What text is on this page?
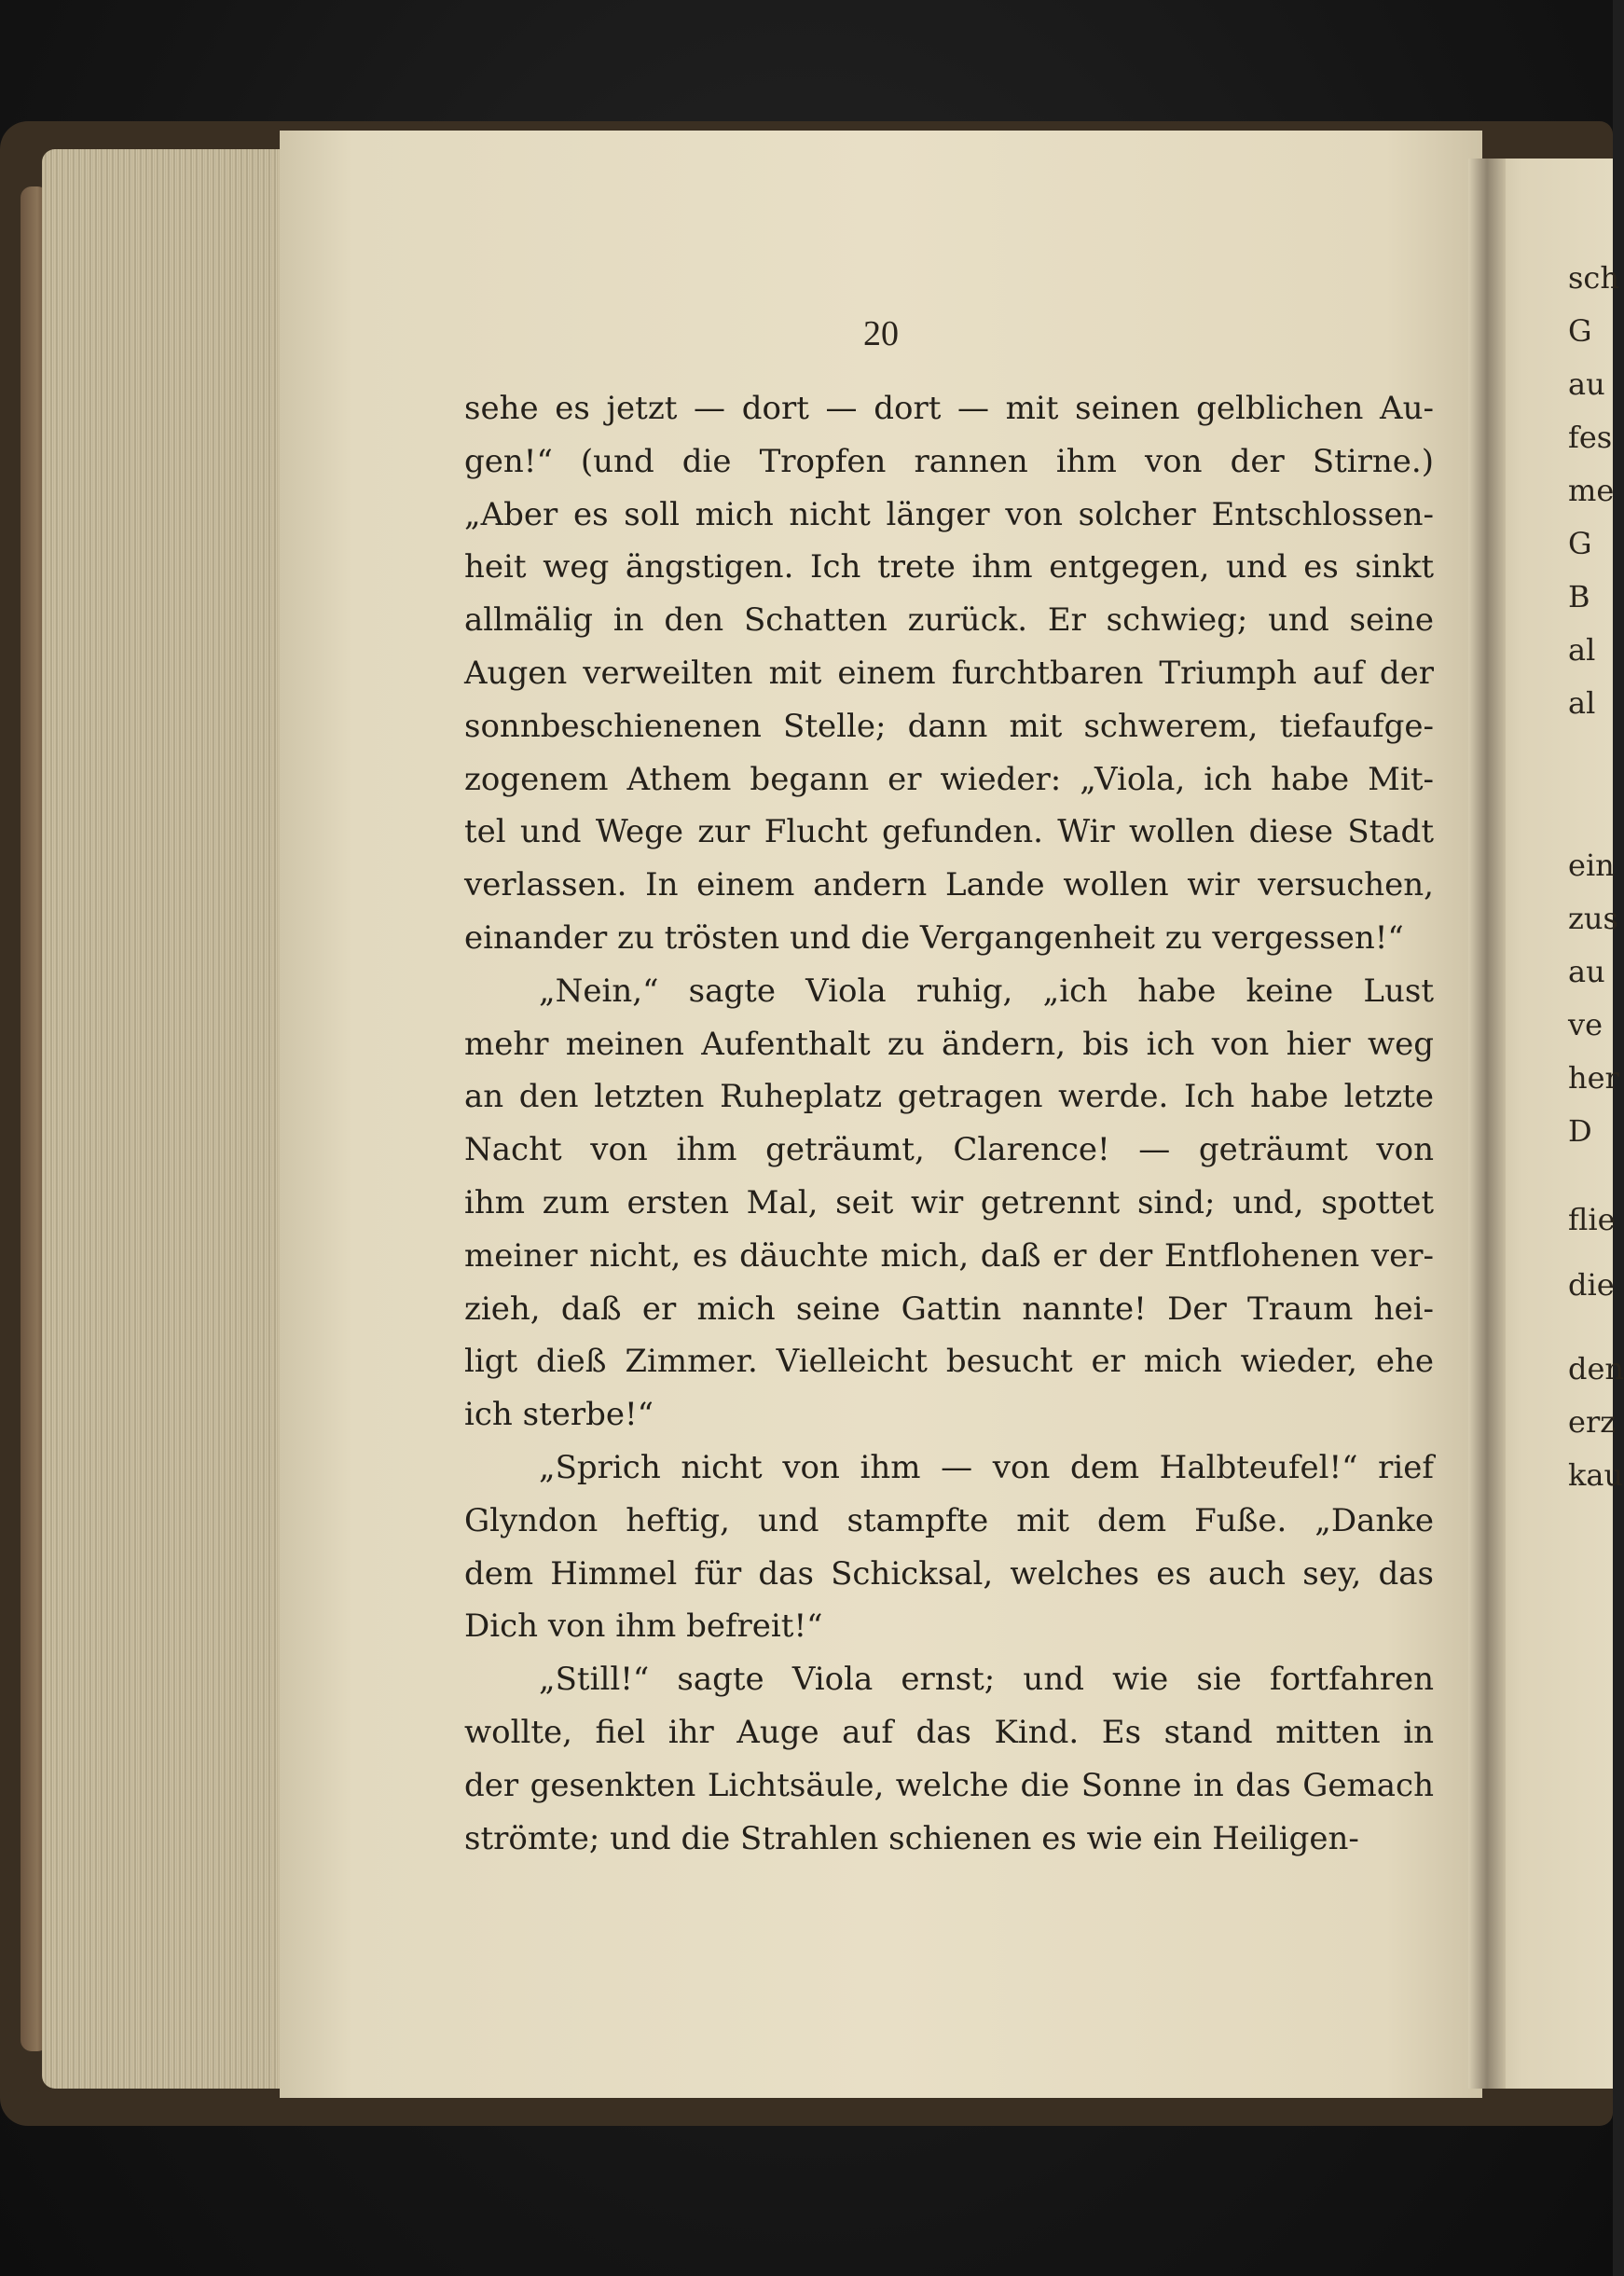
20
sehe es jetzt — dort — dort — mit seinen gelblichen Au-
gen!“ (und die Tropfen rannen ihm von der Stirne.)
„Aber es soll mich nicht länger von solcher Entschlossen-
heit weg ängstigen. Ich trete ihm entgegen, und es sinkt
allmälig in den Schatten zurück. Er schwieg; und seine
Augen verweilten mit einem furchtbaren Triumph auf der
sonnbeschienenen Stelle; dann mit schwerem, tiefaufge-
zogenem Athem begann er wieder: „Viola, ich habe Mit-
tel und Wege zur Flucht gefunden. Wir wollen diese Stadt
verlassen. In einem andern Lande wollen wir versuchen,
einander zu trösten und die Vergangenheit zu vergessen!“
„Nein,“ sagte Viola ruhig, „ich habe keine Lust
mehr meinen Aufenthalt zu ändern, bis ich von hier weg
an den letzten Ruheplatz getragen werde. Ich habe letzte
Nacht von ihm geträumt, Clarence! — geträumt von
ihm zum ersten Mal, seit wir getrennt sind; und, spottet
meiner nicht, es däuchte mich, daß er der Entflohenen ver-
zieh, daß er mich seine Gattin nannte! Der Traum hei-
ligt dieß Zimmer. Vielleicht besucht er mich wieder, ehe
ich sterbe!“
„Sprich nicht von ihm — von dem Halbteufel!“ rief
Glyndon heftig, und stampfte mit dem Fuße. „Danke
dem Himmel für das Schicksal, welches es auch sey, das
Dich von ihm befreit!“
„Still!“ sagte Viola ernst; und wie sie fortfahren
wollte, fiel ihr Auge auf das Kind. Es stand mitten in
der gesenkten Lichtsäule, welche die Sonne in das Gemach
strömte; und die Strahlen schienen es wie ein Heiligen-
sch
G
au
fes
me
G
B
al
al
ein
zus
au
ve
her
D
flie
die
den
erz
kau
